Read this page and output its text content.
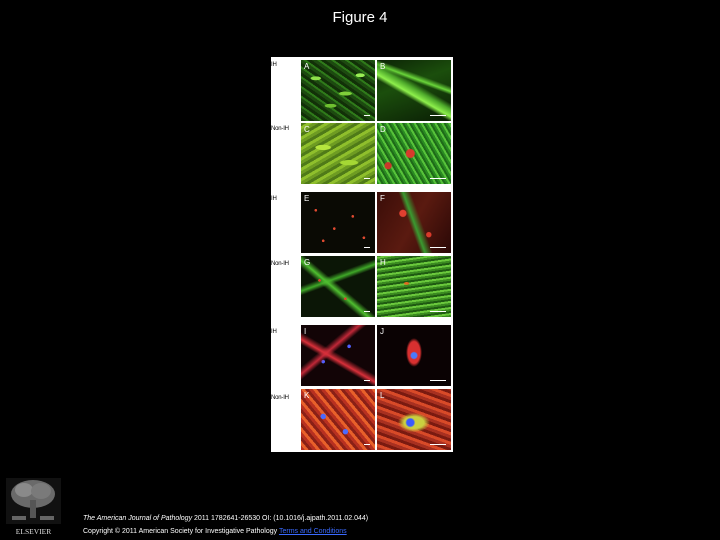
Figure 4
IH
Non-IH
IH
Non-IH
IH
Non-IH
A	B
C	D
E	F
G	H
I	J
K	L
ELSEVIER
The American Journal of Pathology 2011 1782641-26530 OI: (10.1016/j.ajpath.2011.02.044)
Copyright © 2011 American Society for Investigative Pathology Terms and Conditions
